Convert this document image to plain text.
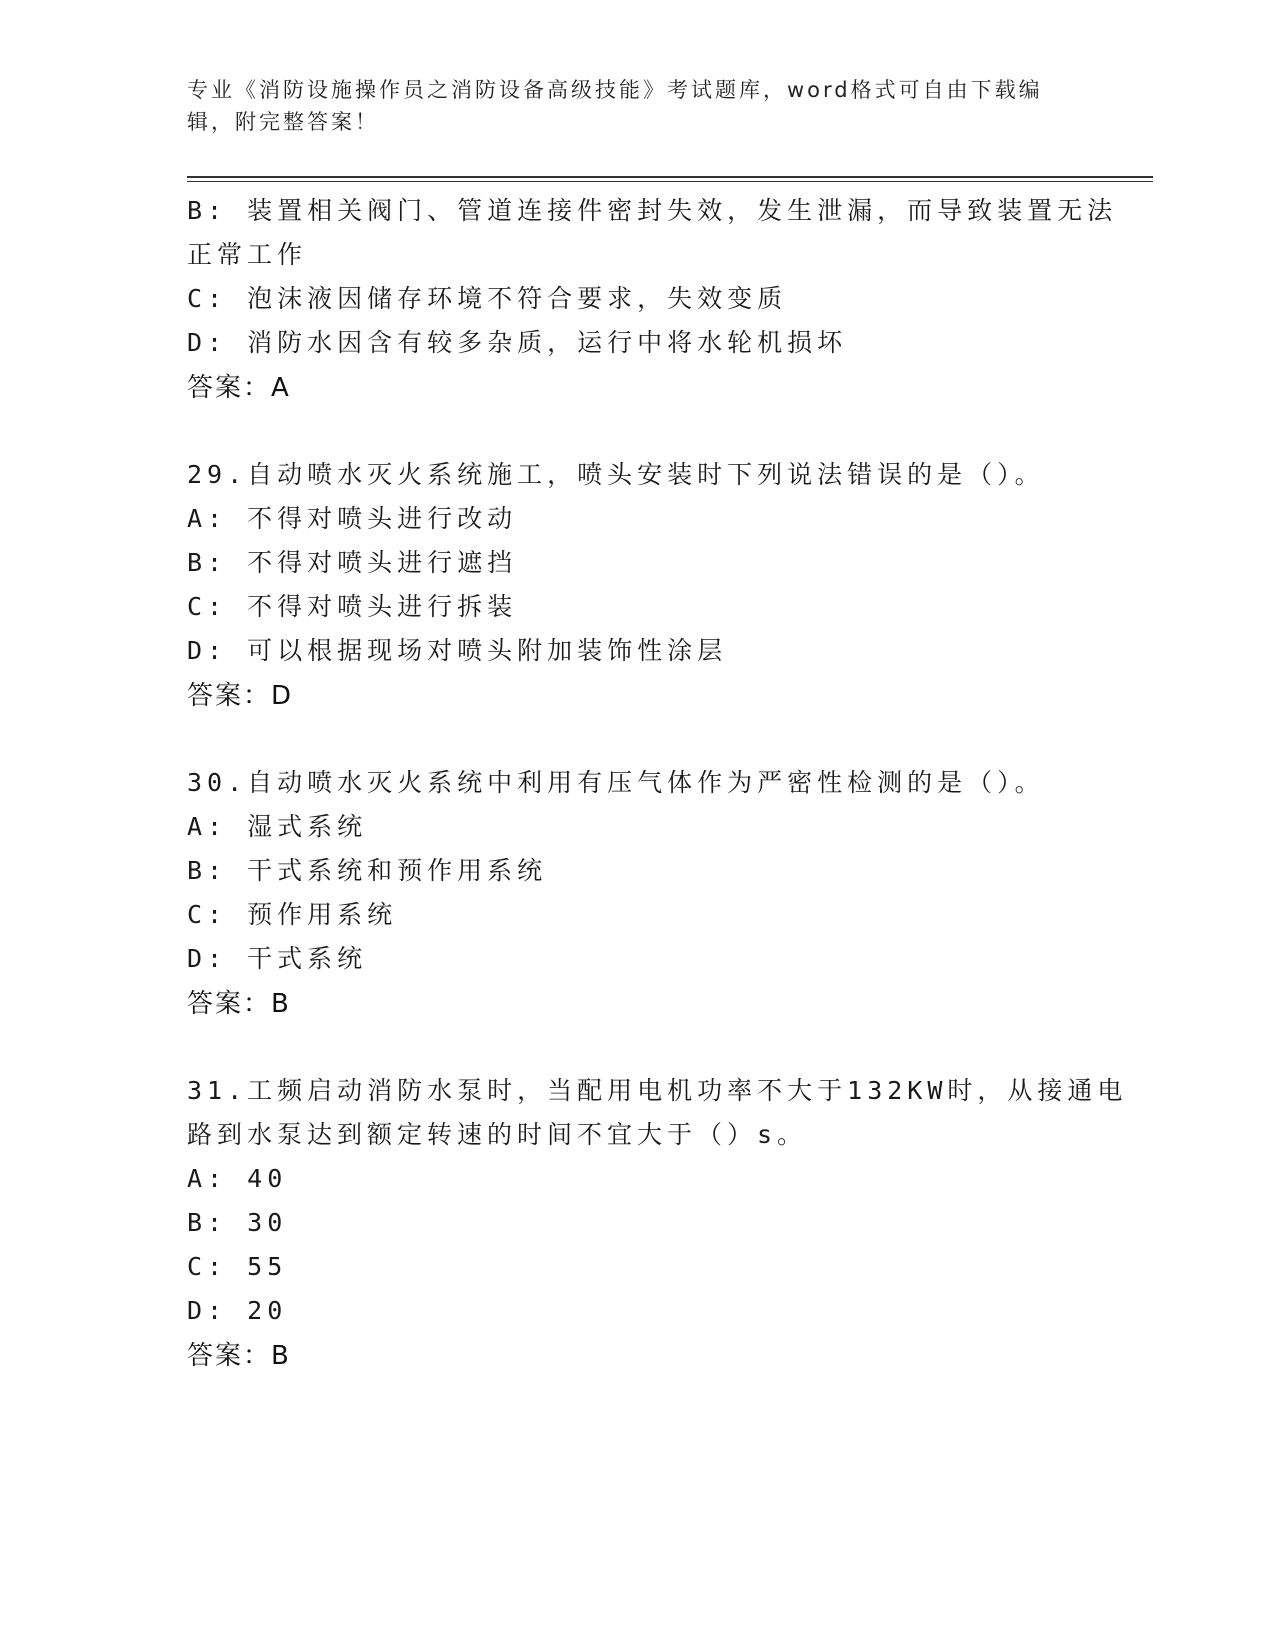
专业《消防设施操作员之消防设备高级技能》考试题库，word格式可自由下载编
辑，附完整答案！
B: 装置相关阀门、管道连接件密封失效，发生泄漏，而导致装置无法
正常工作
C: 泡沫液因储存环境不符合要求，失效变质
D: 消防水因含有较多杂质，运行中将水轮机损坏
答案：A
29.自动喷水灭火系统施工，喷头安装时下列说法错误的是（）。
A: 不得对喷头进行改动
B: 不得对喷头进行遮挡
C: 不得对喷头进行拆装
D: 可以根据现场对喷头附加装饰性涂层
答案：D
30.自动喷水灭火系统中利用有压气体作为严密性检测的是（）。
A: 湿式系统
B: 干式系统和预作用系统
C: 预作用系统
D: 干式系统
答案：B
31.工频启动消防水泵时，当配用电机功率不大于132KW时，从接通电
路到水泵达到额定转速的时间不宜大于（）s。
A: 40
B: 30
C: 55
D: 20
答案：B
